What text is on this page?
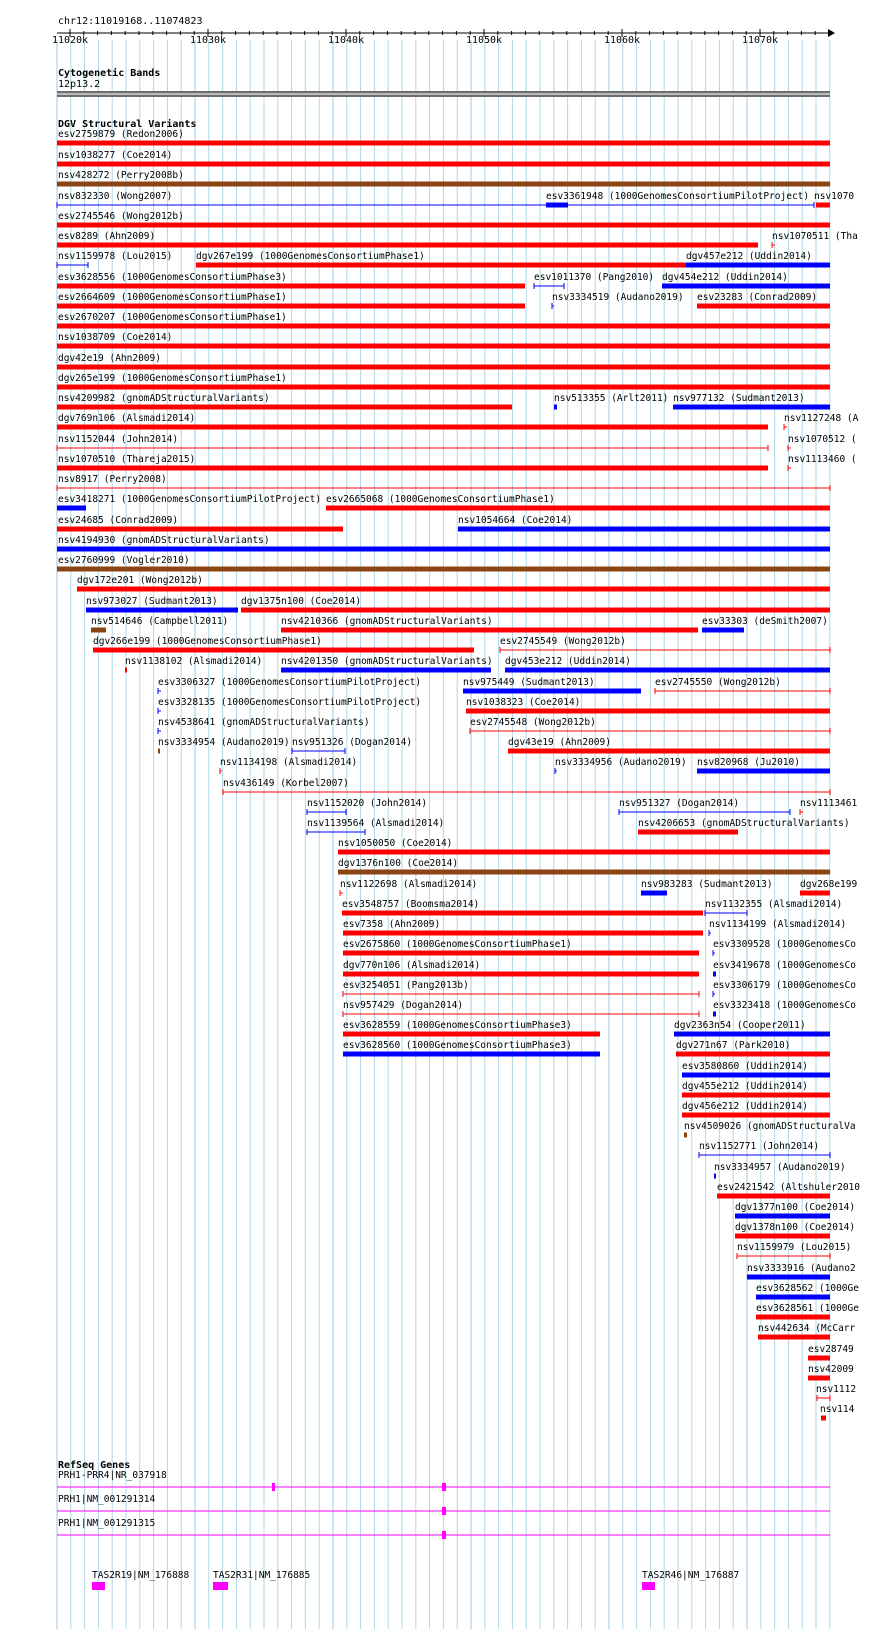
chr12:11019168..11074823
11020k	11030k	11040k	11050k	11060k	11070k
Cytogenetic Bands
12p13.2
DGV Structural Variants
esv2759879 (Redon2006)
nsv1038277 (Coe2014)
nsv428272 (Perry2008b)
nsv832330 (Wong2007)	esv3361948 (1000GenomesConsortiumPilotProject) nsv1070
esv2745546 (Wong2012b)
esv8289 (Ahn2009)	nsv1070511 (Tha
nsv1159978 (Lou2015) dgv267e199 (1000GenomesConsortiumPhase1)	dgv457e212 (Uddin2014)
esv3628556 (1000GenomesConsortiumPhase3)	esv1011370 (Pang2010) dgv454e212 (Uddin2014)
esv2664609 (1000GenomesConsortiumPhase1)	nsv3334519 (Audano2019) esv23283 (Conrad2009)
esv2670207 (1000GenomesConsortiumPhase1)
nsv1038709 (Coe2014)
dgv42e19 (Ahn2009)
dgv265e199 (1000GenomesConsortiumPhase1)
nsv4209982 (gnomADStructuralVariants)	nsv513355 (Arlt2011) nsv977132 (Sudmant2013)
dgv769n106 (Alsmadi2014)	nsv1127248 (A
nsv1152044 (John2014)	nsv1070512 (
nsv1070510 (Thareja2015)	nsv1113460 (
nsv8917 (Perry2008)
esv3418271 (1000GenomesConsortiumPilotProject) esv2665068 (1000GenomesConsortiumPhase1)
esv24685 (Conrad2009)	nsv1054664 (Coe2014)
nsv4194930 (gnomADStructuralVariants)
esv2760999 (Vogler2010)
dgv172e201 (Wong2012b)
nsv973027 (Sudmant2013) dgv1375n100 (Coe2014)
nsv514646 (Campbell2011)	nsv4210366 (gnomADStructuralVariants)	esv33303 (deSmith2007)
dgv266e199 (1000GenomesConsortiumPhase1)	esv2745549 (Wong2012b)
nsv1138102 (Alsmadi2014) nsv4201350 (gnomADStructuralVariants) dgv453e212 (Uddin2014)
esv3306327 (1000GenomesConsortiumPilotProject)	nsv975449 (Sudmant2013)	esv2745550 (Wong2012b)
esv3328135 (1000GenomesConsortiumPilotProject)	nsv1038323 (Coe2014)
nsv4538641 (gnomADStructuralVariants)	esv2745548 (Wong2012b)
nsv3334954 (Audano2019) nsv951326 (Dogan2014)	dgv43e19 (Ahn2009)
nsv1134198 (Alsmadi2014)	nsv3334956 (Audano2019) nsv820968 (Ju2010)
nsv436149 (Korbel2007)
nsv1152020 (John2014)	nsv951327 (Dogan2014)	nsv1113461
nsv1139564 (Alsmadi2014)	nsv4206653 (gnomADStructuralVariants)
nsv1050050 (Coe2014)
dgv1376n100 (Coe2014)
nsv1122698 (Alsmadi2014)	nsv983283 (Sudmant2013)	dgv268e199
esv3548757 (Boomsma2014)	nsv1132355 (Alsmadi2014)
esv7358 (Ahn2009)	nsv1134199 (Alsmadi2014)
esv2675860 (1000GenomesConsortiumPhase1)	esv3309528 (1000GenomesCo
dgv770n106 (Alsmadi2014)	esv3419678 (1000GenomesCo
esv3254051 (Pang2013b)	esv3306179 (1000GenomesCo
nsv957429 (Dogan2014)	esv3323418 (1000GenomesCo
esv3628559 (1000GenomesConsortiumPhase3)	dgv2363n54 (Cooper2011)
esv3628560 (1000GenomesConsortiumPhase3)	dgv271n67 (Park2010)
esv3580860 (Uddin2014)
dgv455e212 (Uddin2014)
dgv456e212 (Uddin2014)
nsv4509026 (gnomADStructuralVa
nsv1152771 (John2014)
nsv3334957 (Audano2019)
esv2421542 (Altshuler2010
dgv1377n100 (Coe2014)
dgv1378n100 (Coe2014)
nsv1159979 (Lou2015)
nsv3333916 (Audano2
esv3628562 (1000Ge
esv3628561 (1000Ge
nsv442634 (McCarr
esv28749
nsv42009
nsv1112
nsv114
RefSeq Genes
PRH1-PRR4|NR_037918
PRH1|NM_001291314
PRH1|NM_001291315
TAS2R19|NM_176888	TAS2R31|NM_176885	TAS2R46|NM_176887
